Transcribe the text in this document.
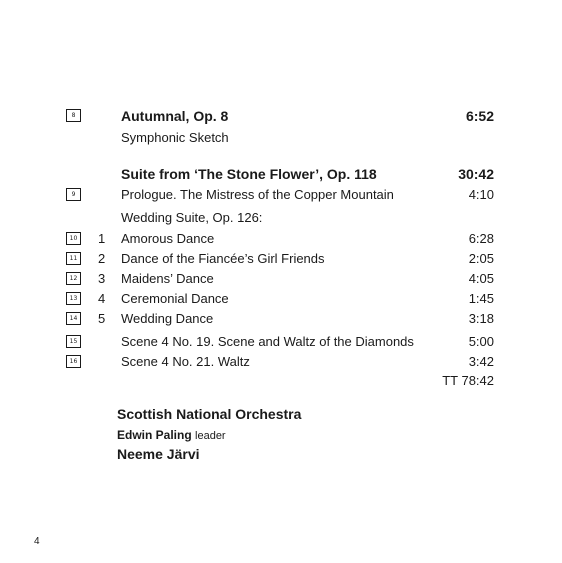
8	Autumnal, Op. 8	6:52
Symphonic Sketch
Suite from ‘The Stone Flower’, Op. 118	30:42
9	Prologue. The Mistress of the Copper Mountain	4:10
Wedding Suite, Op. 126:
10 1	Amorous Dance	6:28
11 2	Dance of the Fiancée’s Girl Friends	2:05
12 3	Maidens’ Dance	4:05
13 4	Ceremonial Dance	1:45
14 5	Wedding Dance	3:18
15	Scene 4 No. 19. Scene and Waltz of the Diamonds	5:00
16	Scene 4 No. 21. Waltz	3:42
TT 78:42
Scottish National Orchestra
Edwin Paling leader
Neeme Järvi
4
